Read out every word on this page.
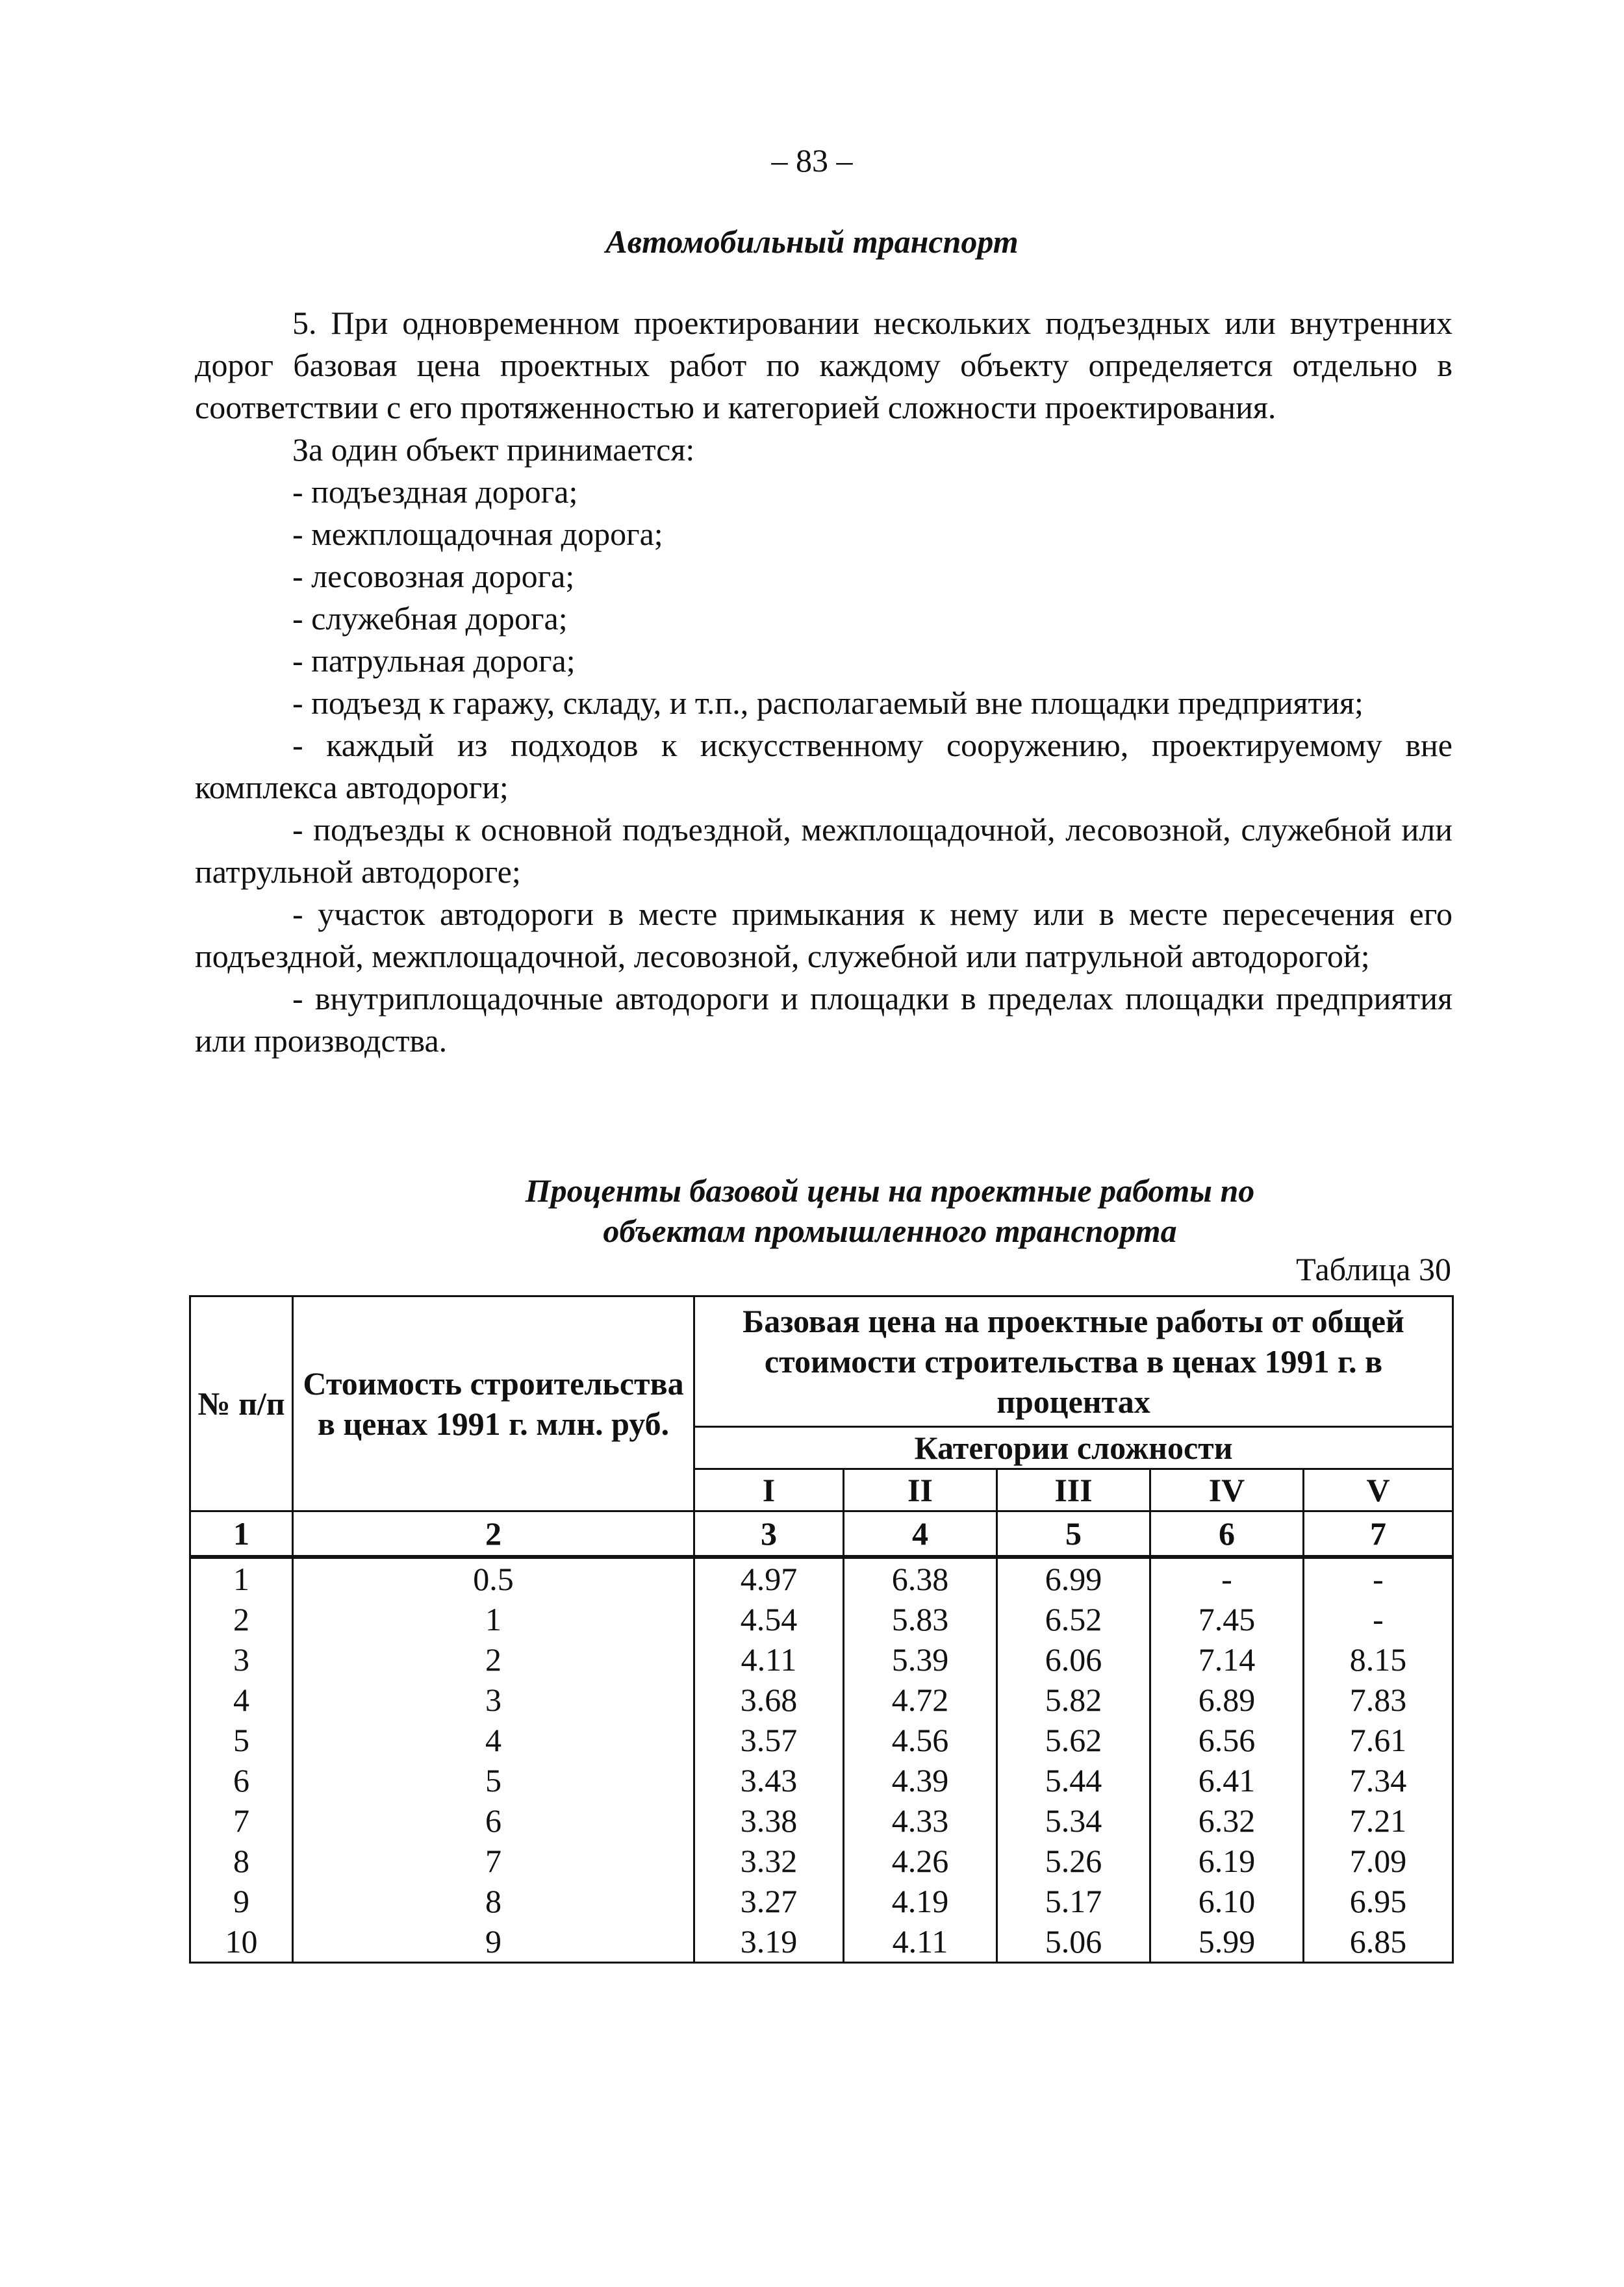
– 83 –
Автомобильный транспорт

5. При одновременном проектировании нескольких подъездных или внутренних дорог базовая цена проектных работ по каждому объекту определяется отдельно в соответствии с его протяженностью и категорией сложности проектирования.

За один объект принимается:

- подъездная дорога;

- межплощадочная дорога;

- лесовозная дорога;

- служебная дорога;

- патрульная дорога;

- подъезд к гаражу, складу, и т.п., располагаемый вне площадки предприятия;

- каждый из подходов к искусственному сооружению, проектируемому вне комплекса автодороги;

- подъезды к основной подъездной, межплощадочной, лесовозной, служебной или патрульной автодороге;

- участок автодороги в месте примыкания к нему или в месте пересечения его подъездной, межплощадочной, лесовозной, служебной или патрульной автодорогой;

- внутриплощадочные автодороги и площадки в пределах площадки предприятия или производства.

Проценты базовой цены на проектные работы по
объектам промышленного транспорта
Таблица 30
№ п/п	Стоимость строительства в ценах 1991 г. млн. руб.	Базовая цена на проектные работы от общей стоимости строительства в ценах 1991 г. в процентах				
		Категории сложности				
		I	II	III	IV	V
1	2	3	4	5	6	7
1	0.5	4.97	6.38	6.99	-	-
2	1	4.54	5.83	6.52	7.45	-
3	2	4.11	5.39	6.06	7.14	8.15
4	3	3.68	4.72	5.82	6.89	7.83
5	4	3.57	4.56	5.62	6.56	7.61
6	5	3.43	4.39	5.44	6.41	7.34
7	6	3.38	4.33	5.34	6.32	7.21
8	7	3.32	4.26	5.26	6.19	7.09
9	8	3.27	4.19	5.17	6.10	6.95
10	9	3.19	4.11	5.06	5.99	6.85
